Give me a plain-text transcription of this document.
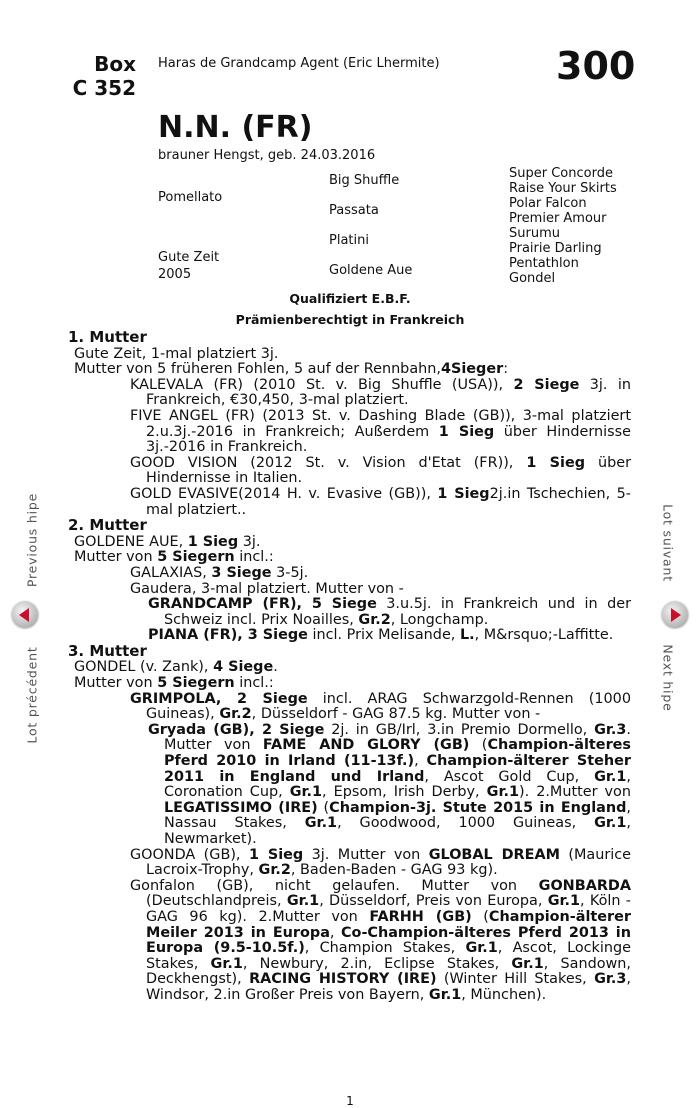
Box
C 352
Haras de Grandcamp Agent (Eric Lhermite)	300
N.N. (FR)
brauner Hengst, geb. 24.03.2016
Pomellato
Gute Zeit
2005
Big Shuffle
Passata
Platini
Goldene Aue
Super Concorde
Raise Your Skirts
Polar Falcon
Premier Amour
Surumu
Prairie Darling
Pentathlon
Gondel
Qualifiziert E.B.F.
Prämienberechtigt in Frankreich
1. Mutter
Gute Zeit, 1-mal platziert 3j.
Mutter von 5 früheren Fohlen, 5 auf der Rennbahn,4Sieger:
KALEVALA (FR) (2010 St. v. Big Shuffle (USA)), 2 Siege 3j. in Frankreich, €30,450, 3-mal platziert.
FIVE ANGEL (FR) (2013 St. v. Dashing Blade (GB)), 3-mal platziert 2.u.3j.-2016 in Frankreich; Außerdem 1 Sieg über Hindernisse 3j.-2016 in Frankreich.
GOOD VISION (2012 St. v. Vision d'Etat (FR)), 1 Sieg über Hindernisse in Italien.
GOLD EVASIVE(2014 H. v. Evasive (GB)), 1 Sieg2j.in Tschechien, 5-mal platziert..
2. Mutter
GOLDENE AUE, 1 Sieg 3j.
Mutter von 5 Siegern incl.:
GALAXIAS, 3 Siege 3-5j.
Gaudera, 3-mal platziert. Mutter von -
GRANDCAMP (FR), 5 Siege 3.u.5j. in Frankreich und in der Schweiz incl. Prix Noailles, Gr.2, Longchamp.
PIANA (FR), 3 Siege incl. Prix Melisande, L., M&rsquo;-Laffitte.
3. Mutter
GONDEL (v. Zank), 4 Siege.
Mutter von 5 Siegern incl.:
GRIMPOLA, 2 Siege incl. ARAG Schwarzgold-Rennen (1000 Guineas), Gr.2, Düsseldorf - GAG 87.5 kg. Mutter von -
Gryada (GB), 2 Siege 2j. in GB/Irl, 3.in Premio Dormello, Gr.3. Mutter von FAME AND GLORY (GB) (Champion-älteres Pferd 2010 in Irland (11-13f.), Champion-älterer Steher 2011 in England und Irland, Ascot Gold Cup, Gr.1, Coronation Cup, Gr.1, Epsom, Irish Derby, Gr.1). 2.Mutter von LEGATISSIMO (IRE) (Champion-3j. Stute 2015 in England, Nassau Stakes, Gr.1, Goodwood, 1000 Guineas, Gr.1, Newmarket).
GOONDA (GB), 1 Sieg 3j. Mutter von GLOBAL DREAM (Maurice Lacroix-Trophy, Gr.2, Baden-Baden - GAG 93 kg).
Gonfalon (GB), nicht gelaufen. Mutter von GONBARDA (Deutschlandpreis, Gr.1, Düsseldorf, Preis von Europa, Gr.1, Köln - GAG 96 kg). 2.Mutter von FARHH (GB) (Champion-älterer Meiler 2013 in Europa, Co-Champion-älteres Pferd 2013 in Europa (9.5-10.5f.), Champion Stakes, Gr.1, Ascot, Lockinge Stakes, Gr.1, Newbury, 2.in, Eclipse Stakes, Gr.1, Sandown, Deckhengst), RACING HISTORY (IRE) (Winter Hill Stakes, Gr.3, Windsor, 2.in Großer Preis von Bayern, Gr.1, München).
Previous hipe
Lot précédent
Lot suivant
Next hipe
1
